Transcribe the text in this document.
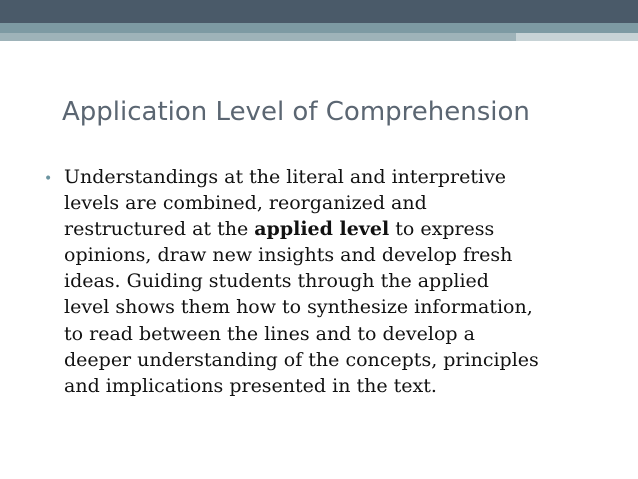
Application Level of Comprehension
• Understandings at the literal and interpretive
levels are combined, reorganized and
restructured at the applied level to express
opinions, draw new insights and develop fresh
ideas. Guiding students through the applied
level shows them how to synthesize information,
to read between the lines and to develop a
deeper understanding of the concepts, principles
and implications presented in the text.
